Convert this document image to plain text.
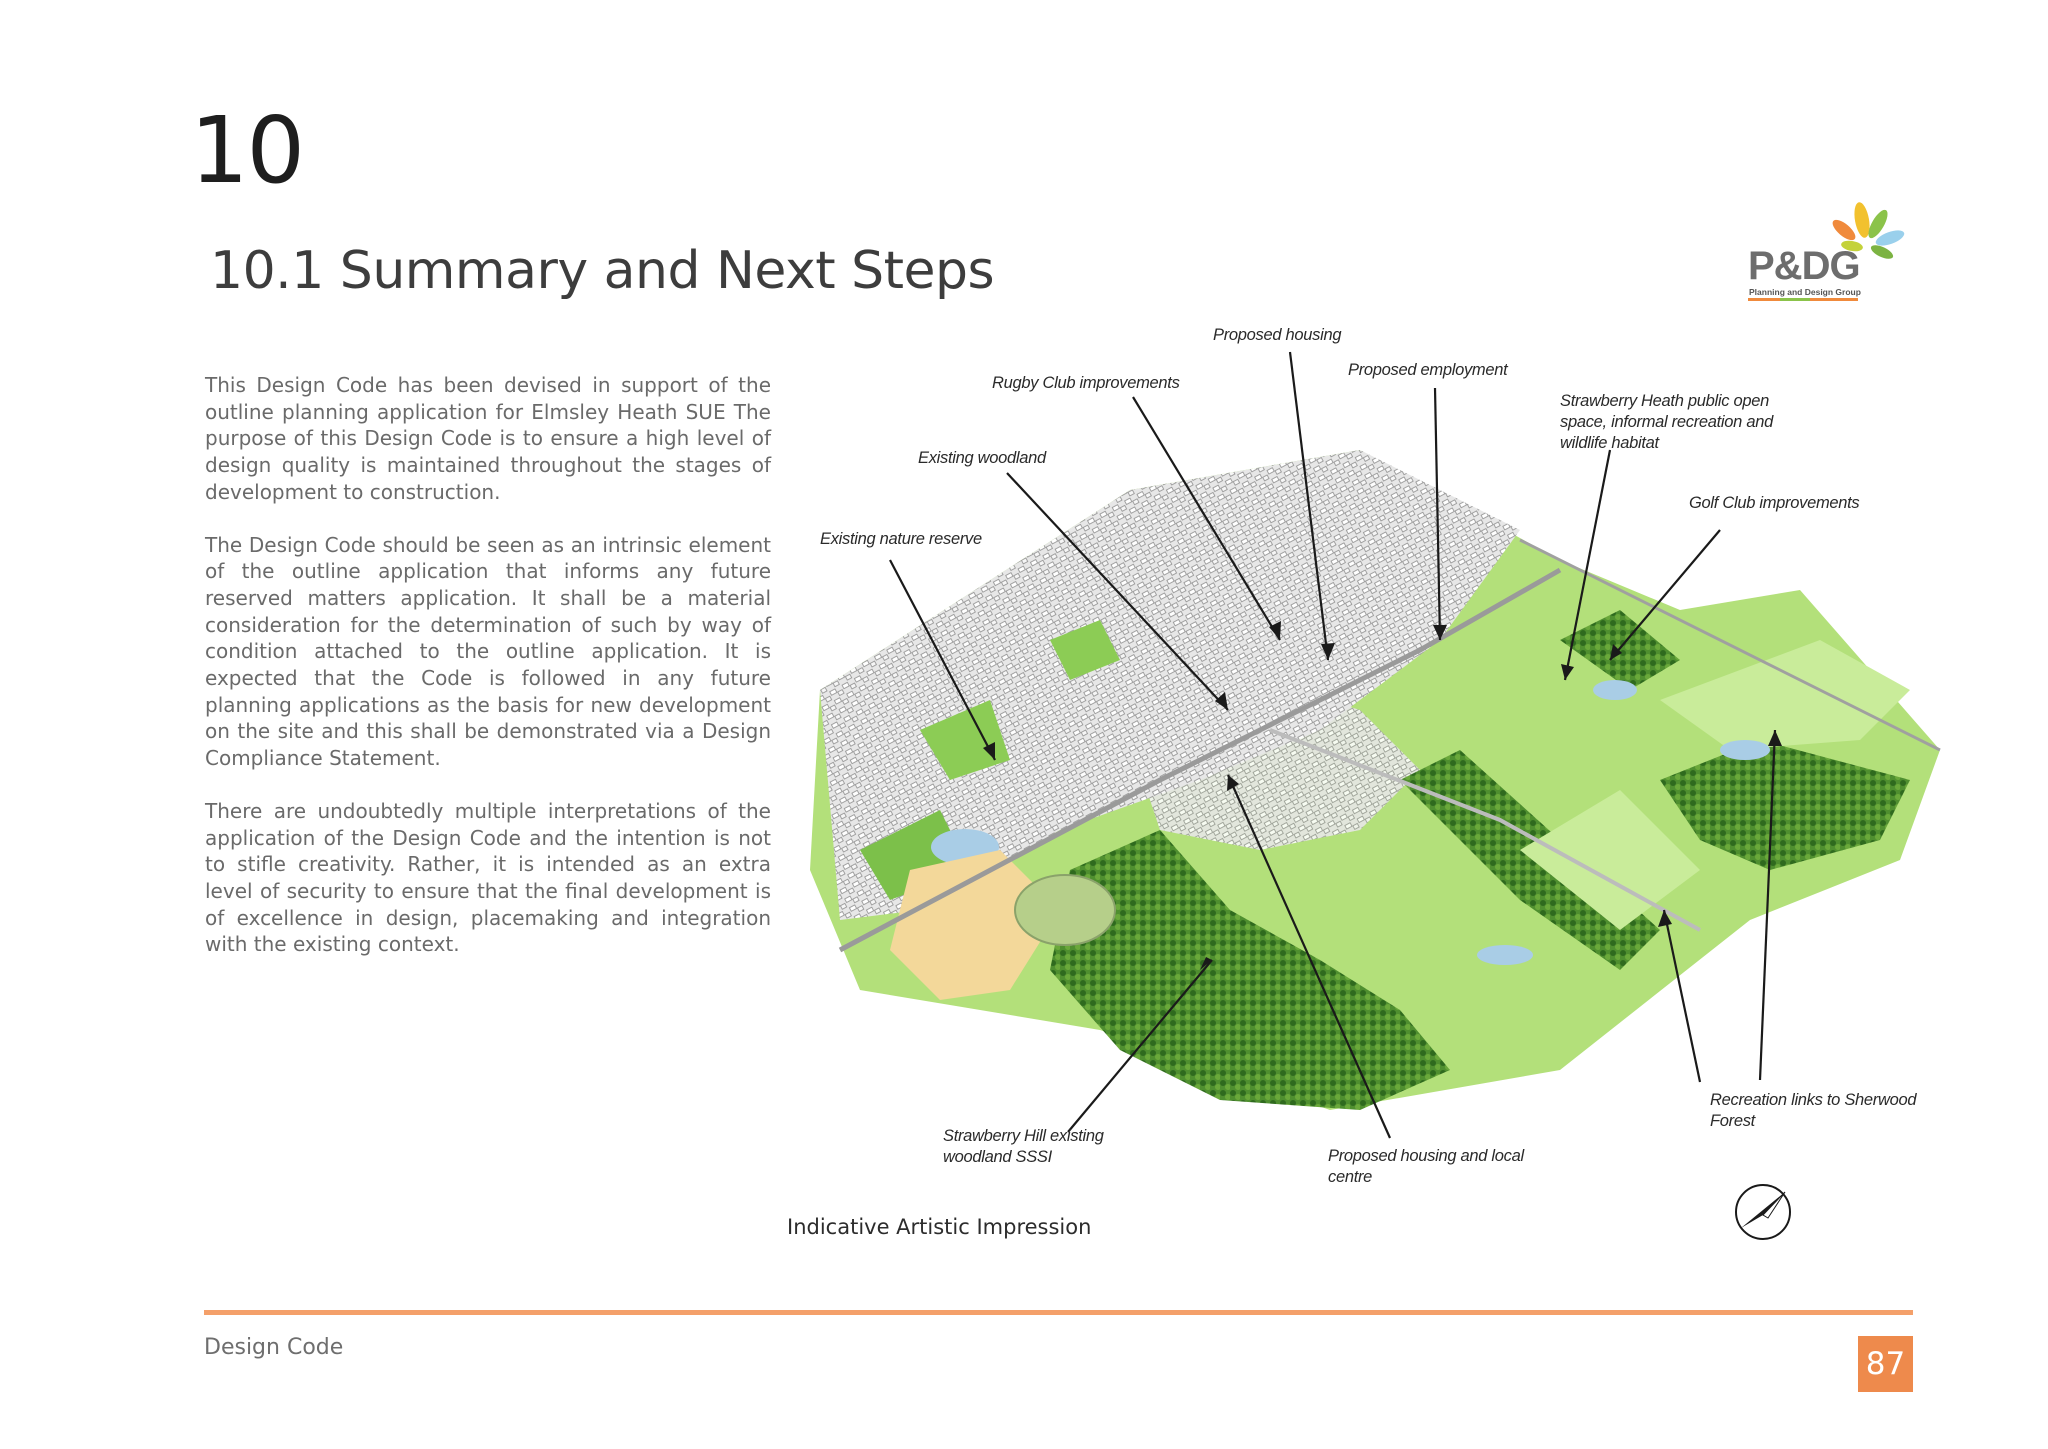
10
10.1 Summary and Next Steps

This Design Code has been devised in support of the outline planning application for Elmsley Heath SUE The purpose of this Design Code is to ensure a high level of design quality is maintained throughout the stages of development to construction.

The Design Code should be seen as an intrinsic element of the outline application that informs any future reserved matters application. It shall be a material consideration for the determination of such by way of condition attached to the outline application. It is expected that the Code is followed in any future planning applications as the basis for new development on the site and this shall be demonstrated via a Design Compliance Statement.

There are undoubtedly multiple interpretations of the application of the Design Code and the intention is not to stifle creativity. Rather, it is intended as an extra level of security to ensure that the final development is of excellence in design, placemaking and integration with the existing context.

P&DG
Planning and Design Group
Proposed housing
Proposed employment
Rugby Club improvements
Strawberry Heath public open
space, informal recreation and
wildlife habitat
Existing woodland
Golf Club improvements
Existing nature reserve
Recreation links to Sherwood
Forest
Strawberry Hill existing
woodland SSSI	Proposed housing and local
centre
Indicative Artistic Impression
Design Code	87
